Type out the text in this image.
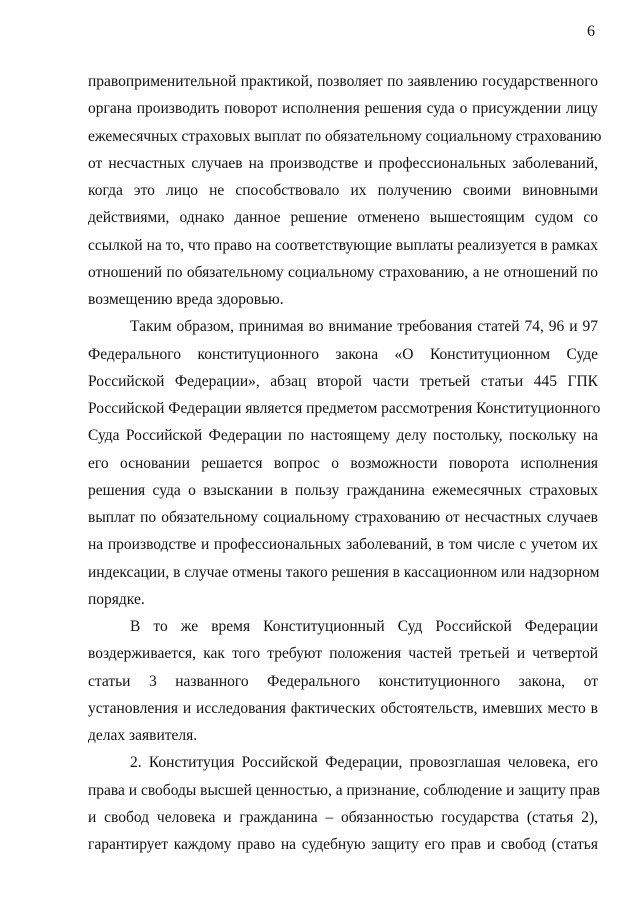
6
правоприменительной практикой, позволяет по заявлению государственного
органа производить поворот исполнения решения суда о присуждении лицу
ежемесячных страховых выплат по обязательному социальному страхованию
от несчастных случаев на производстве и профессиональных заболеваний,
когда это лицо не способствовало их получению своими виновными
действиями, однако данное решение отменено вышестоящим судом со
ссылкой на то, что право на соответствующие выплаты реализуется в рамках
отношений по обязательному социальному страхованию, а не отношений по
возмещению вреда здоровью.
Таким образом, принимая во внимание требования статей 74, 96 и 97
Федерального конституционного закона «О Конституционном Суде
Российской Федерации», абзац второй части третьей статьи 445 ГПК
Российской Федерации является предметом рассмотрения Конституционного
Суда Российской Федерации по настоящему делу постольку, поскольку на
его основании решается вопрос о возможности поворота исполнения
решения суда о взыскании в пользу гражданина ежемесячных страховых
выплат по обязательному социальному страхованию от несчастных случаев
на производстве и профессиональных заболеваний, в том числе с учетом их
индексации, в случае отмены такого решения в кассационном или надзорном
порядке.
В то же время Конституционный Суд Российской Федерации
воздерживается, как того требуют положения частей третьей и четвертой
статьи 3 названного Федерального конституционного закона, от
установления и исследования фактических обстоятельств, имевших место в
делах заявителя.
2. Конституция Российской Федерации, провозглашая человека, его
права и свободы высшей ценностью, а признание, соблюдение и защиту прав
и свобод человека и гражданина – обязанностью государства (статья 2),
гарантирует каждому право на судебную защиту его прав и свобод (статья
